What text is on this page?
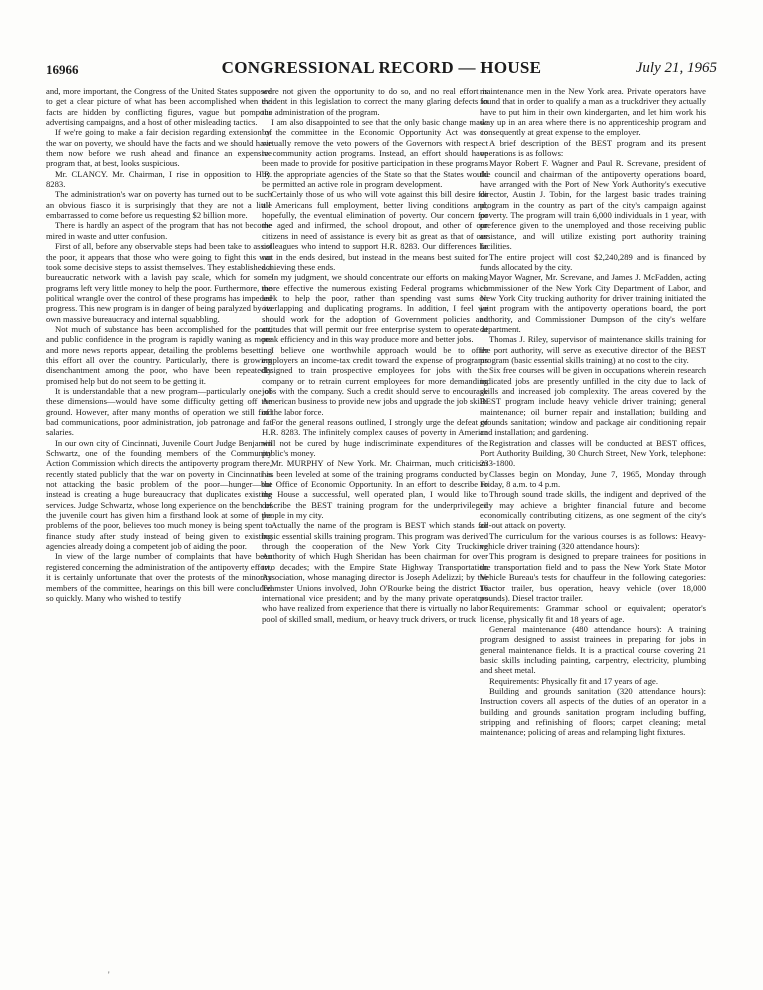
16966	CONGRESSIONAL RECORD — HOUSE	July 21, 1965

and, more important, the Congress of the United States supposed to get a clear picture of what has been accomplished when the facts are hidden by conflicting figures, vague but pompous advertising campaigns, and a host of other misleading tactics.

If we're going to make a fair decision regarding extension of the war on poverty, we should have the facts and we should have them now before we rush ahead and finance an expensive program that, at best, looks suspicious.

Mr. CLANCY. Mr. Chairman, I rise in opposition to H.R. 8283.

The administration's war on poverty has turned out to be such an obvious fiasco it is surprisingly that they are not a little embarrassed to come before us requesting $2 billion more.

There is hardly an aspect of the program that has not become mired in waste and utter confusion.

First of all, before any observable steps had been take to assist the poor, it appears that those who were going to fight this war took some decisive steps to assist themselves. They established a bureaucratic network with a lavish pay scale, which for some programs left very little money to help the poor. Furthermore, the political wrangle over the control of these programs has impeded progress. This new program is in danger of being paralyzed by its own massive bureaucracy and internal squabbling.

Not much of substance has been accomplished for the poor, and public confidence in the program is rapidly waning as more and more news reports appear, detailing the problems besetting this effort all over the country. Particularly, there is growing disenchantment among the poor, who have been repeatedly promised help but do not seem to be getting it.

It is understandable that a new program—particularly one of these dimensions—would have some difficulty getting off the ground. However, after many months of operation we still find bad communications, poor administration, job patronage and fat salaries.

In our own city of Cincinnati, Juvenile Court Judge Benjamin Schwartz, one of the founding members of the Community Action Commission which directs the antipoverty program there, recently stated publicly that the war on poverty in Cincinnati is not attacking the basic problem of the poor—hunger—but instead is creating a huge bureaucracy that duplicates existing services. Judge Schwartz, whose long experience on the bench of the juvenile court has given him a firsthand look at some of the problems of the poor, believes too much money is being spent to finance study after study instead of being given to existing agencies already doing a competent job of aiding the poor.

In view of the large number of complaints that have been registered concerning the administration of the antipoverty effort, it is certainly unfortunate that over the protests of the minority members of the committee, hearings on this bill were concluded so quickly. Many who wished to testify

were not given the opportunity to do so, and no real effort is evident in this legislation to correct the many glaring defects in the administration of the program.

I am also disappointed to see that the only basic change made by the committee in the Economic Opportunity Act was to virtually remove the veto powers of the Governors with respect to community action programs. Instead, an effort should have been made to provide for positive participation in these programs by the appropriate agencies of the State so that the States would be permitted an active role in program development.

Certainly those of us who will vote against this bill desire for all Americans full employment, better living conditions and, hopefully, the eventual elimination of poverty. Our concern for the aged and infirmed, the school dropout, and other of our citizens in need of assistance is every bit as great as that of our colleagues who intend to support H.R. 8283. Our differences lie not in the ends desired, but instead in the means best suited for achieving these ends.

In my judgment, we should concentrate our efforts on making more effective the numerous existing Federal programs which seek to help the poor, rather than spending vast sums on overlapping and duplicating programs. In addition, I feel we should work for the adoption of Government policies and attitudes that will permit our free enterprise system to operate at peak efficiency and in this way produce more and better jobs.

I believe one worthwhile approach would be to offer employers an income-tax credit toward the expense of programs designed to train prospective employees for jobs with the company or to retrain current employees for more demanding jobs with the company. Such a credit should serve to encourage American business to provide new jobs and upgrade the job skills of the labor force.

For the general reasons outlined, I strongly urge the defeat of H.R. 8283. The infinitely complex causes of poverty in America will not be cured by huge indiscriminate expenditures of the public's money.

Mr. MURPHY of New York. Mr. Chairman, much criticism has been leveled at some of the training programs conducted by the Office of Economic Opportunity. In an effort to describe to the House a successful, well operated plan, I would like to describe the BEST training program for the underprivileged people in my city.

Actually the name of the program is BEST which stands for basic essential skills training program. This program was derived through the cooperation of the New York City Trucking Authority of which Hugh Sheridan has been chairman for over two decades; with the Empire State Highway Transportation Association, whose managing director is Joseph Adelizzi; by the Teamster Unions involved, John O'Rourke being the district 16 international vice president; and by the many private operators who have realized from experience that there is virtually no labor pool of skilled small, medium, or heavy truck drivers, or truck

maintenance men in the New York area. Private operators have found that in order to qualify a man as a truckdriver they actually have to put him in their own kindergarten, and let him work his way up in an area where there is no apprenticeship program and consequently at great expense to the employer.

A brief description of the BEST program and its present operations is as follows:

Mayor Robert F. Wagner and Paul R. Screvane, president of the council and chairman of the antipoverty operations board, have arranged with the Port of New York Authority's executive director, Austin J. Tobin, for the largest basic trades training program in the country as part of the city's campaign against poverty. The program will train 6,000 individuals in 1 year, with preference given to the unemployed and those receiving public assistance, and will utilize existing port authority training facilities.

The entire project will cost $2,240,289 and is financed by funds allocated by the city.

Mayor Wagner, Mr. Screvane, and James J. McFadden, acting commissioner of the New York City Department of Labor, and New York City trucking authority for driver training initiated the joint program with the antipoverty operations board, the port authority, and Commissioner Dumpson of the city's welfare department.

Thomas J. Riley, supervisor of maintenance skills training for the port authority, will serve as executive director of the BEST program (basic essential skills training) at no cost to the city.

Six free courses will be given in occupations wherein research indicated jobs are presently unfilled in the city due to lack of skills and increased job complexity. The areas covered by the BEST program include heavy vehicle driver training; general maintenance; oil burner repair and installation; building and grounds sanitation; window and package air conditioning repair and installation; and gardening.

Registration and classes will be conducted at BEST offices, Port Authority Building, 30 Church Street, New York, telephone: 233-1800.

Classes begin on Monday, June 7, 1965, Monday through Friday, 8 a.m. to 4 p.m.

Through sound trade skills, the indigent and deprived of the city may achieve a brighter financial future and become economically contributing citizens, as one segment of the city's all-out attack on poverty.

The curriculum for the various courses is as follows: Heavy-vehicle driver training (320 attendance hours):

This program is designed to prepare trainees for positions in the transportation field and to pass the New York State Motor Vehicle Bureau's tests for chauffeur in the following categories: Tractor trailer, bus operation, heavy vehicle (over 18,000 pounds). Diesel tractor trailer.

Requirements: Grammar school or equivalent; operator's license, physically fit and 18 years of age.

General maintenance (480 attendance hours): A training program designed to assist trainees in preparing for jobs in general maintenance fields. It is a practical course covering 21 basic skills including painting, carpentry, electricity, plumbing and sheet metal.

Requirements: Physically fit and 17 years of age.

Building and grounds sanitation (320 attendance hours): Instruction covers all aspects of the duties of an operator in a building and grounds sanitation program including buffing, stripping and refinishing of floors; carpet cleaning; metal maintenance; policing of areas and relamping light fixtures.

'
